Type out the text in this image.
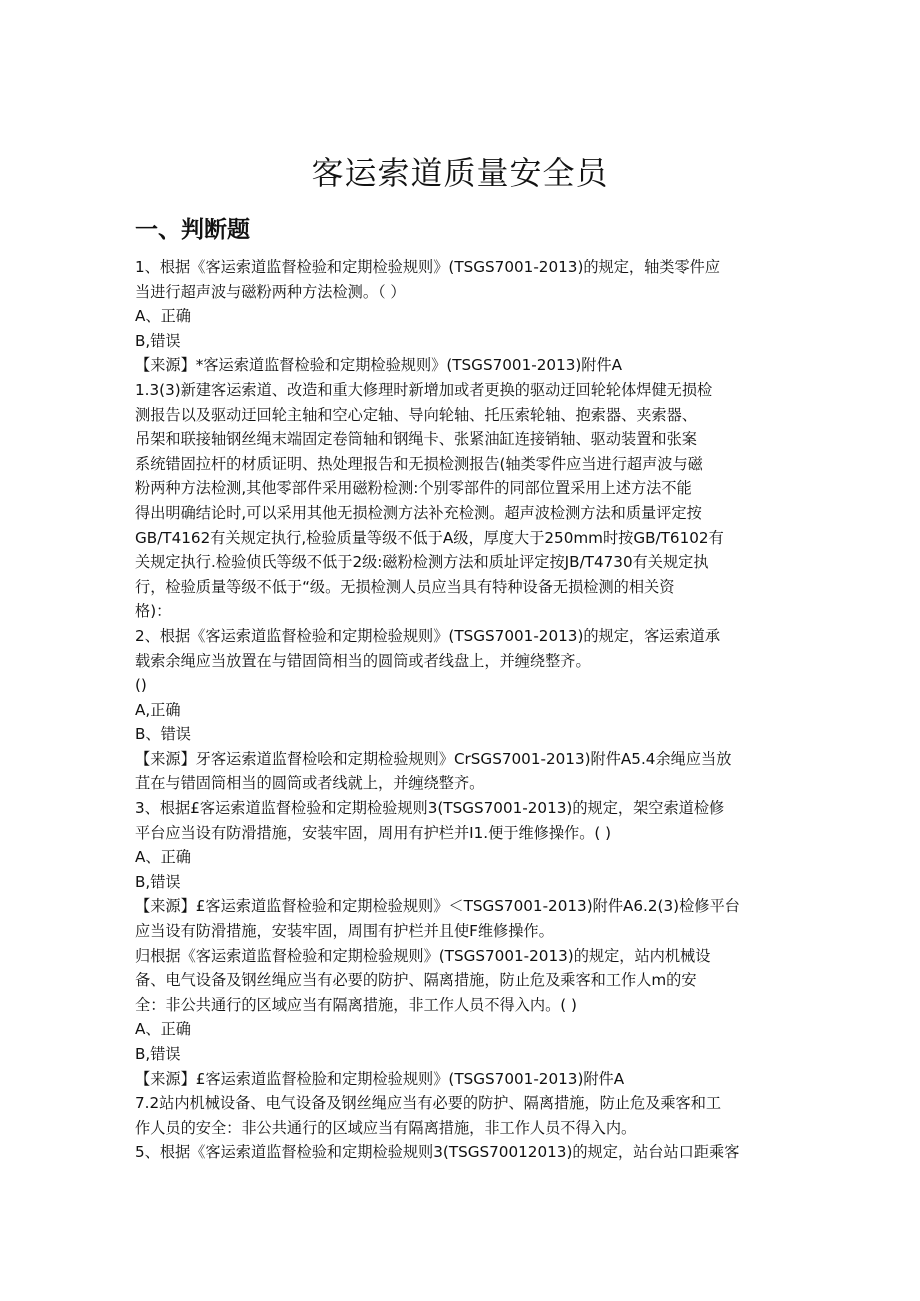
客运索道质量安全员
一、判断题
1、根据《客运索道监督检验和定期检验规则》(TSGS7001-2013)的规定，轴类零件应
当进行超声波与磁粉两种方法检测。（ ）
A、正确
B,错误
【来源】*客运索道监督检验和定期检验规则》(TSGS7001-2013)附件A
1.3(3)新建客运索道、改造和重大修理时新增加或者更换的驱动迂回轮轮体焊健无损检
测报告以及驱动迂回轮主轴和空心定轴、导向轮轴、托压索轮轴、抱索器、夹索器、
吊架和联接轴钢丝绳末端固定卷筒轴和钢绳卡、张紧油缸连接销轴、驱动装置和张案
系统错固拉杆的材质证明、热处理报告和无损检测报告(轴类零件应当进行超声波与磁
粉两种方法检测,其他零部件采用磁粉检测:个别零部件的同部位置采用上述方法不能
得出明确结论时,可以采用其他无损检测方法补充检测。超声波检测方法和质量评定按
GB/T4162有关规定执行,检验质量等级不低于A级，厚度大于250mm时按GB/T6102有
关规定执行.检验侦氏等级不低于2级:磁粉检测方法和质址评定按JB/T4730有关规定执
行，检验质量等级不低于“级。无损检测人员应当具有特种设备无损检测的相关资
格)：
2、根据《客运索道监督检验和定期检验规则》(TSGS7001-2013)的规定，客运索道承
载索余绳应当放置在与错固筒相当的圆筒或者线盘上，并缠绕整齐。
()
A,正确
B、错误
【来源】牙客运索道监督检哙和定期检验规则》CrSGS7001-2013)附件A5.4余绳应当放
苴在与错固筒相当的圆筒或者线就上，并缠绕整齐。
3、根据£客运索道监督检验和定期检验规则3(TSGS7001-2013)的规定，架空索道检修
平台应当设有防滑措施，安装牢固，周用有护栏并I1.便于维修操作。( )
A、正确
B,错误
【来源】£客运索道监督检验和定期检验规则》＜TSGS7001-2013)附件A6.2(3)检修平台
应当设有防滑措施，安装牢固，周围有护栏并且使F维修操作。
归根据《客运索道监督检验和定期检验规则》(TSGS7001-2013)的规定，站内机械设
备、电气设备及钢丝绳应当有必要的防护、隔离措施，防止危及乘客和工作人m的安
全：非公共通行的区域应当有隔离措施，非工作人员不得入内。( )
A、正确
B,错误
【来源】£客运索道监督检脸和定期检验规则》(TSGS7001-2013)附件A
7.2站内机械设备、电气设备及钢丝绳应当有必要的防护、隔离措施，防止危及乘客和工
作人员的安全：非公共通行的区域应当有隔离措施，非工作人员不得入内。
5、根据《客运索道监督检验和定期检验规则3(TSGS70012013)的规定，站台站口距乘客
